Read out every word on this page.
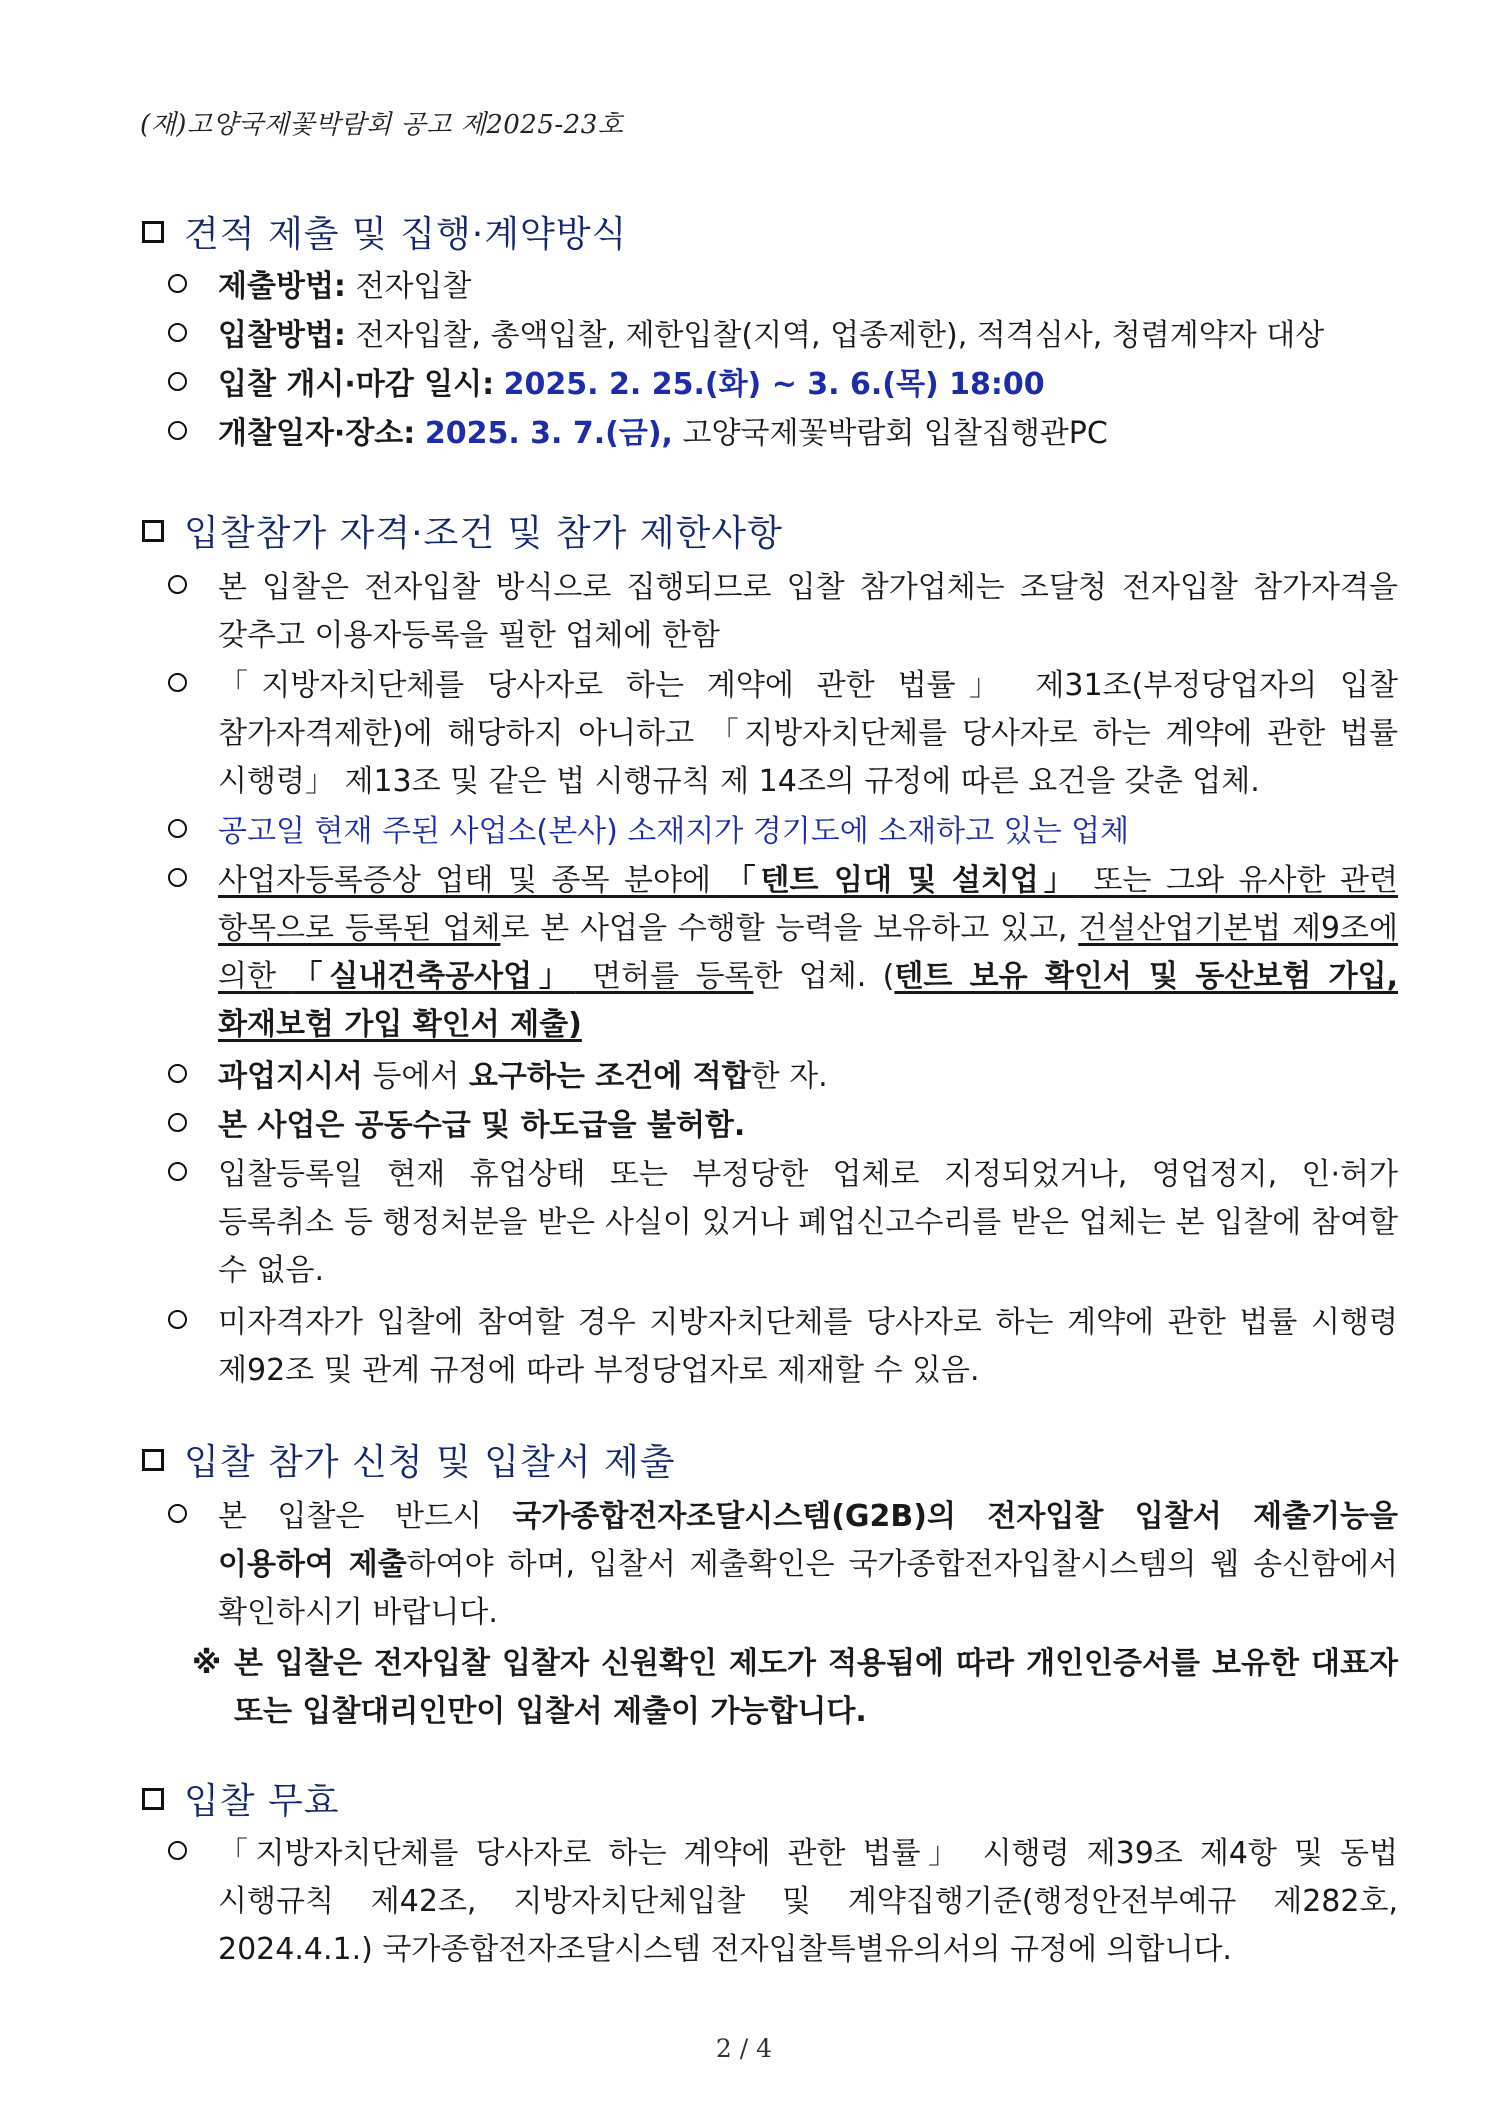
(재)고양국제꽃박람회 공고 제2025-23호
견적 제출 및 집행·계약방식
제출방법: 전자입찰
입찰방법: 전자입찰, 총액입찰, 제한입찰(지역, 업종제한), 적격심사, 청렴계약자 대상
입찰 개시·마감 일시: 2025. 2. 25.(화) ~ 3. 6.(목) 18:00
개찰일자·장소: 2025. 3. 7.(금), 고양국제꽃박람회 입찰집행관PC
입찰참가 자격·조건 및 참가 제한사항
본 입찰은 전자입찰 방식으로 집행되므로 입찰 참가업체는 조달청 전자입찰 참가자격을 갖추고 이용자등록을 필한 업체에 한함
「지방자치단체를 당사자로 하는 계약에 관한 법률」 제31조(부정당업자의 입찰 참가자격제한)에 해당하지 아니하고 「지방자치단체를 당사자로 하는 계약에 관한 법률 시행령」 제13조 및 같은 법 시행규칙 제 14조의 규정에 따른 요건을 갖춘 업체.
공고일 현재 주된 사업소(본사) 소재지가 경기도에 소재하고 있는 업체
사업자등록증상 업태 및 종목 분야에 「텐트 임대 및 설치업」 또는 그와 유사한 관련 항목으로 등록된 업체로 본 사업을 수행할 능력을 보유하고 있고, 건설산업기본법 제9조에 의한 「실내건축공사업」 면허를 등록한 업체. (텐트 보유 확인서 및 동산보험 가입, 화재보험 가입 확인서 제출)
과업지시서 등에서 요구하는 조건에 적합한 자.
본 사업은 공동수급 및 하도급을 불허함.
입찰등록일 현재 휴업상태 또는 부정당한 업체로 지정되었거나, 영업정지, 인·허가 등록취소 등 행정처분을 받은 사실이 있거나 폐업신고수리를 받은 업체는 본 입찰에 참여할 수 없음.
미자격자가 입찰에 참여할 경우 지방자치단체를 당사자로 하는 계약에 관한 법률 시행령 제92조 및 관계 규정에 따라 부정당업자로 제재할 수 있음.
입찰 참가 신청 및 입찰서 제출
본 입찰은 반드시 국가종합전자조달시스템(G2B)의 전자입찰 입찰서 제출기능을 이용하여 제출하여야 하며, 입찰서 제출확인은 국가종합전자입찰시스템의 웹 송신함에서 확인하시기 바랍니다.
※ 본 입찰은 전자입찰 입찰자 신원확인 제도가 적용됨에 따라 개인인증서를 보유한 대표자 또는 입찰대리인만이 입찰서 제출이 가능합니다.
입찰 무효
「지방자치단체를 당사자로 하는 계약에 관한 법률」 시행령 제39조 제4항 및 동법 시행규칙 제42조, 지방자치단체입찰 및 계약집행기준(행정안전부예규 제282호, 2024.4.1.) 국가종합전자조달시스템 전자입찰특별유의서의 규정에 의합니다.
2 / 4
